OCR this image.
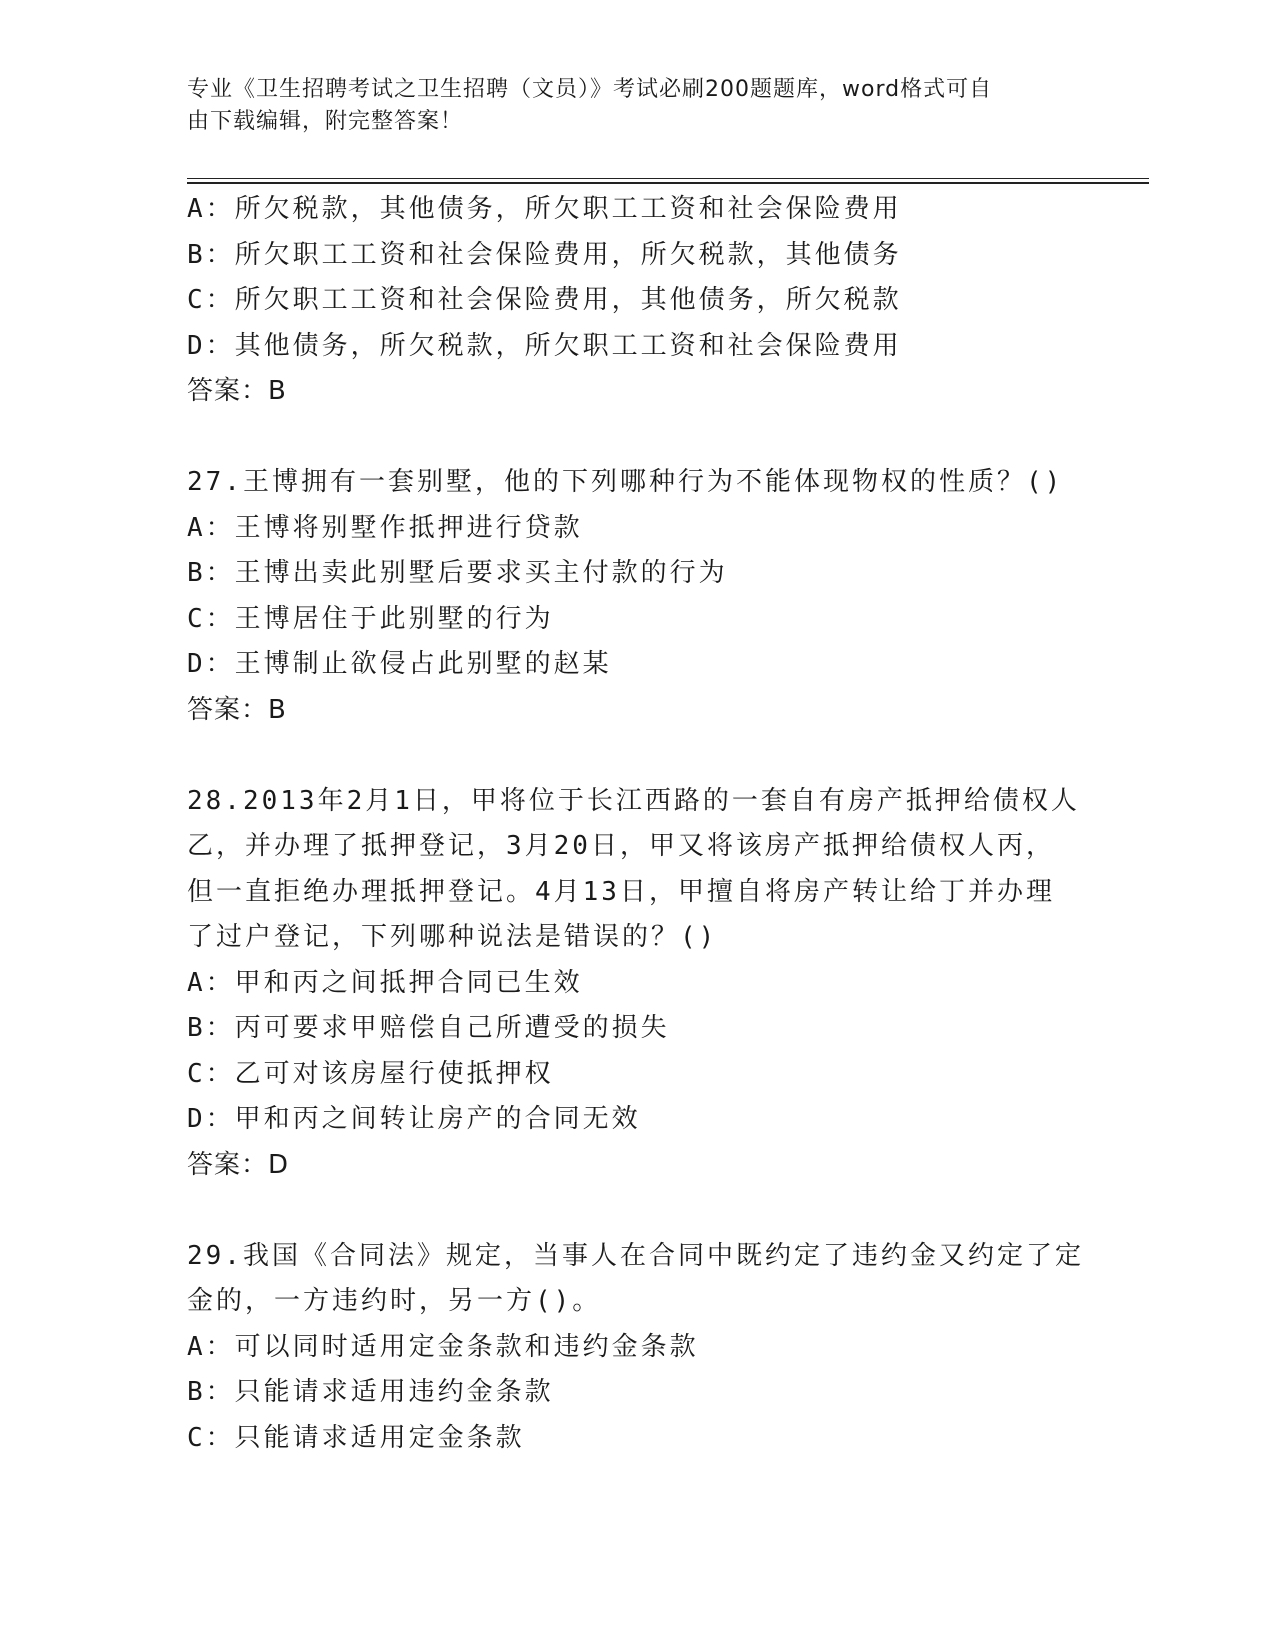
专业《卫生招聘考试之卫生招聘（文员）》考试必刷200题题库，word格式可自
由下载编辑，附完整答案！
A：所欠税款，其他债务，所欠职工工资和社会保险费用
B：所欠职工工资和社会保险费用，所欠税款，其他债务
C：所欠职工工资和社会保险费用，其他债务，所欠税款
D：其他债务，所欠税款，所欠职工工资和社会保险费用
答案：B
27.王博拥有一套别墅，他的下列哪种行为不能体现物权的性质？()
A：王博将别墅作抵押进行贷款
B：王博出卖此别墅后要求买主付款的行为
C：王博居住于此别墅的行为
D：王博制止欲侵占此别墅的赵某
答案：B
28.2013年2月1日，甲将位于长江西路的一套自有房产抵押给债权人
乙，并办理了抵押登记，3月20日，甲又将该房产抵押给债权人丙，
但一直拒绝办理抵押登记。4月13日，甲擅自将房产转让给丁并办理
了过户登记，下列哪种说法是错误的？()
A：甲和丙之间抵押合同已生效
B：丙可要求甲赔偿自己所遭受的损失
C：乙可对该房屋行使抵押权
D：甲和丙之间转让房产的合同无效
答案：D
29.我国《合同法》规定，当事人在合同中既约定了违约金又约定了定
金的，一方违约时，另一方()。
A：可以同时适用定金条款和违约金条款
B：只能请求适用违约金条款
C：只能请求适用定金条款
